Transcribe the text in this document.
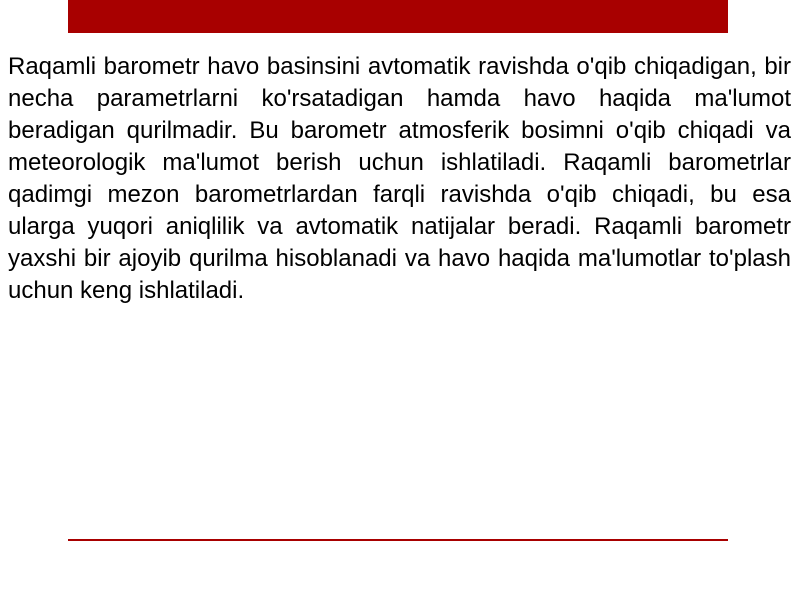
Raqamli barometr havo basinsini avtomatik ravishda o'qib chiqadigan, bir necha parametrlarni ko'rsatadigan hamda havo haqida ma'lumot beradigan qurilmadir. Bu barometr atmosferik bosimni o'qib chiqadi va meteorologik ma'lumot berish uchun ishlatiladi. Raqamli barometrlar qadimgi mezon barometrlardan farqli ravishda o'qib chiqadi, bu esa ularga yuqori aniqlilik va avtomatik natijalar beradi. Raqamli barometr yaxshi bir ajoyib qurilma hisoblanadi va havo haqida ma'lumotlar to'plash uchun keng ishlatiladi.
